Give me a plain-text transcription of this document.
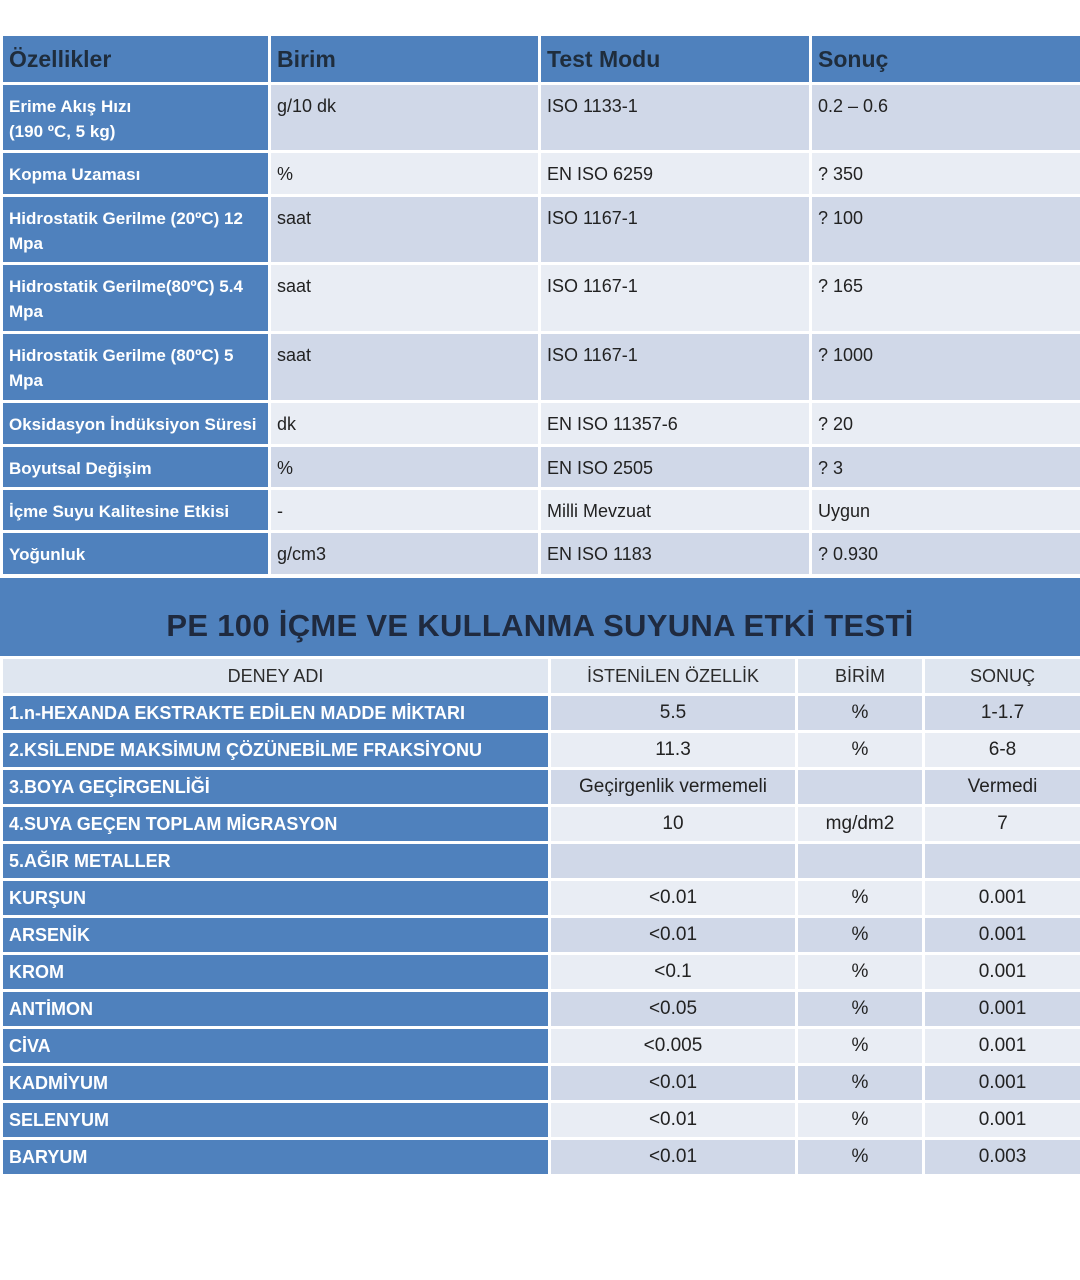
Özellikler	Birim	Test Modu	Sonuç
Erime Akış Hızı
(190 ºC, 5 kg)	g/10 dk	ISO 1133-1	0.2 – 0.6
Kopma Uzaması	%	EN ISO 6259	? 350
Hidrostatik Gerilme (20ºC) 12 Mpa	saat	ISO 1167-1	? 100
Hidrostatik Gerilme(80ºC) 5.4 Mpa	saat	ISO 1167-1	? 165
Hidrostatik Gerilme (80ºC) 5 Mpa	saat	ISO 1167-1	? 1000
Oksidasyon İndüksiyon Süresi	dk	EN ISO 11357-6	? 20
Boyutsal Değişim	%	EN ISO 2505	? 3
İçme Suyu Kalitesine Etkisi	-	Milli Mevzuat	Uygun
Yoğunluk	g/cm3	EN ISO 1183	? 0.930
PE 100 İÇME VE KULLANMA SUYUNA ETKİ TESTİ
DENEY ADI	İSTENİLEN ÖZELLİK	BİRİM	SONUÇ
1.n-HEXANDA EKSTRAKTE EDİLEN MADDE MİKTARI	5.5	%	1-1.7
2.KSİLENDE MAKSİMUM ÇÖZÜNEBİLME FRAKSİYONU	11.3	%	6-8
3.BOYA GEÇİRGENLİĞİ	Geçirgenlik vermemeli		Vermedi
4.SUYA GEÇEN TOPLAM MİGRASYON	10	mg/dm2	7
5.AĞIR METALLER			
KURŞUN	<0.01	%	0.001
ARSENİK	<0.01	%	0.001
KROM	<0.1	%	0.001
ANTİMON	<0.05	%	0.001
CİVA	<0.005	%	0.001
KADMİYUM	<0.01	%	0.001
SELENYUM	<0.01	%	0.001
BARYUM	<0.01	%	0.003
